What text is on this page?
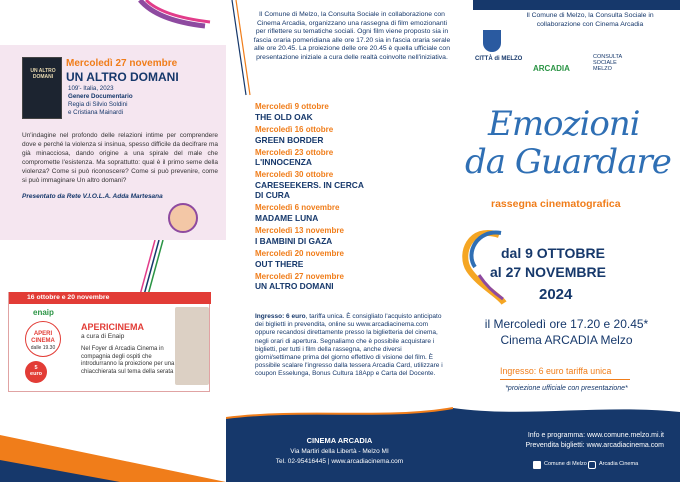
UN ALTRO DOMANI
Mercoledì 27 novembre
UN ALTRO DOMANI
109'- Italia, 2023
Genere Documentario
Regia di Silvio Soldini
e Cristiana Mainardi
Un'indagine nel profondo delle relazioni intime per comprendere dove e perché la violenza si insinua, spesso difficile da decifrare ma già minacciosa, dando origine a una spirale del male che compromette l'esistenza. Ma soprattutto: qual è il primo seme della violenza? Come si può riconoscere? Come si può prevenire, come si può immaginare Un altro domani?
Presentato da Rete V.I.O.L.A. Adda Martesana
16 ottobre e 20 novembre
enaip
APERI
CINEMA
dalle 19.30
5
euro
APERICINEMA
a cura di Enaip
Nel Foyer di Arcadia Cinema in compagnia degli ospiti che introdurranno la proiezione per una chiacchierata sul tema della serata
Il Comune di Melzo, la Consulta Sociale in collaborazione con Cinema Arcadia, organizzano una rassegna di film emozionanti per riflettere su tematiche sociali. Ogni film viene proposto sia in fascia oraria pomeridiana alle ore 17.20 sia in fascia oraria serale alle ore 20.45. La proiezione delle ore 20.45 è quella ufficiale con presentazione iniziale a cura delle realtà coinvolte nell'iniziativa.
Mercoledì 9 ottobre
THE OLD OAK
Mercoledì 16 ottobre
GREEN BORDER
Mercoledì 23 ottobre
L'INNOCENZA
Mercoledì 30 ottobre
CARESEEKERS. IN CERCA DI CURA
Mercoledì 6 novembre
MADAME LUNA
Mercoledì 13 novembre
I BAMBINI DI GAZA
Mercoledì 20 novembre
OUT THERE
Mercoledì 27 novembre
UN ALTRO DOMANI
Ingresso: 6 euro, tariffa unica. È consigliato l'acquisto anticipato dei biglietti in prevendita, online su www.arcadiacinema.com oppure recandosi direttamente presso la biglietteria del cinema, negli orari di apertura. Segnaliamo che è possibile acquistare i biglietti, per tutti i film della rassegna, anche diversi giorni/settimane prima del giorno effettivo di visione del film. È possibile scalare l'ingresso dalla tessera Arcadia Card, utilizzare i coupon Esselunga, Bonus Cultura 18App e Carta del Docente.
CINEMA ARCADIA
Via Martiri della Libertà - Melzo MI
Tel. 02-95416445 | www.arcadiacinema.com
Il Comune di Melzo, la Consulta Sociale in collaborazione con Cinema Arcadia
CITTÀ di MELZO
ARCADIA
CONSULTA SOCIALE MELZO
Emozioni
da Guardare
rassegna cinematografica
dal 9 OTTOBRE
al 27 NOVEMBRE
2024
il Mercoledì ore 17.20 e 20.45*
Cinema ARCADIA Melzo
Ingresso: 6 euro tariffa unica
*proiezione ufficiale con presentazione*
Info e programma: www.comune.melzo.mi.it
Prevendita biglietti: www.arcadiacinema.com
Comune di Melzo Arcadia Cinema
